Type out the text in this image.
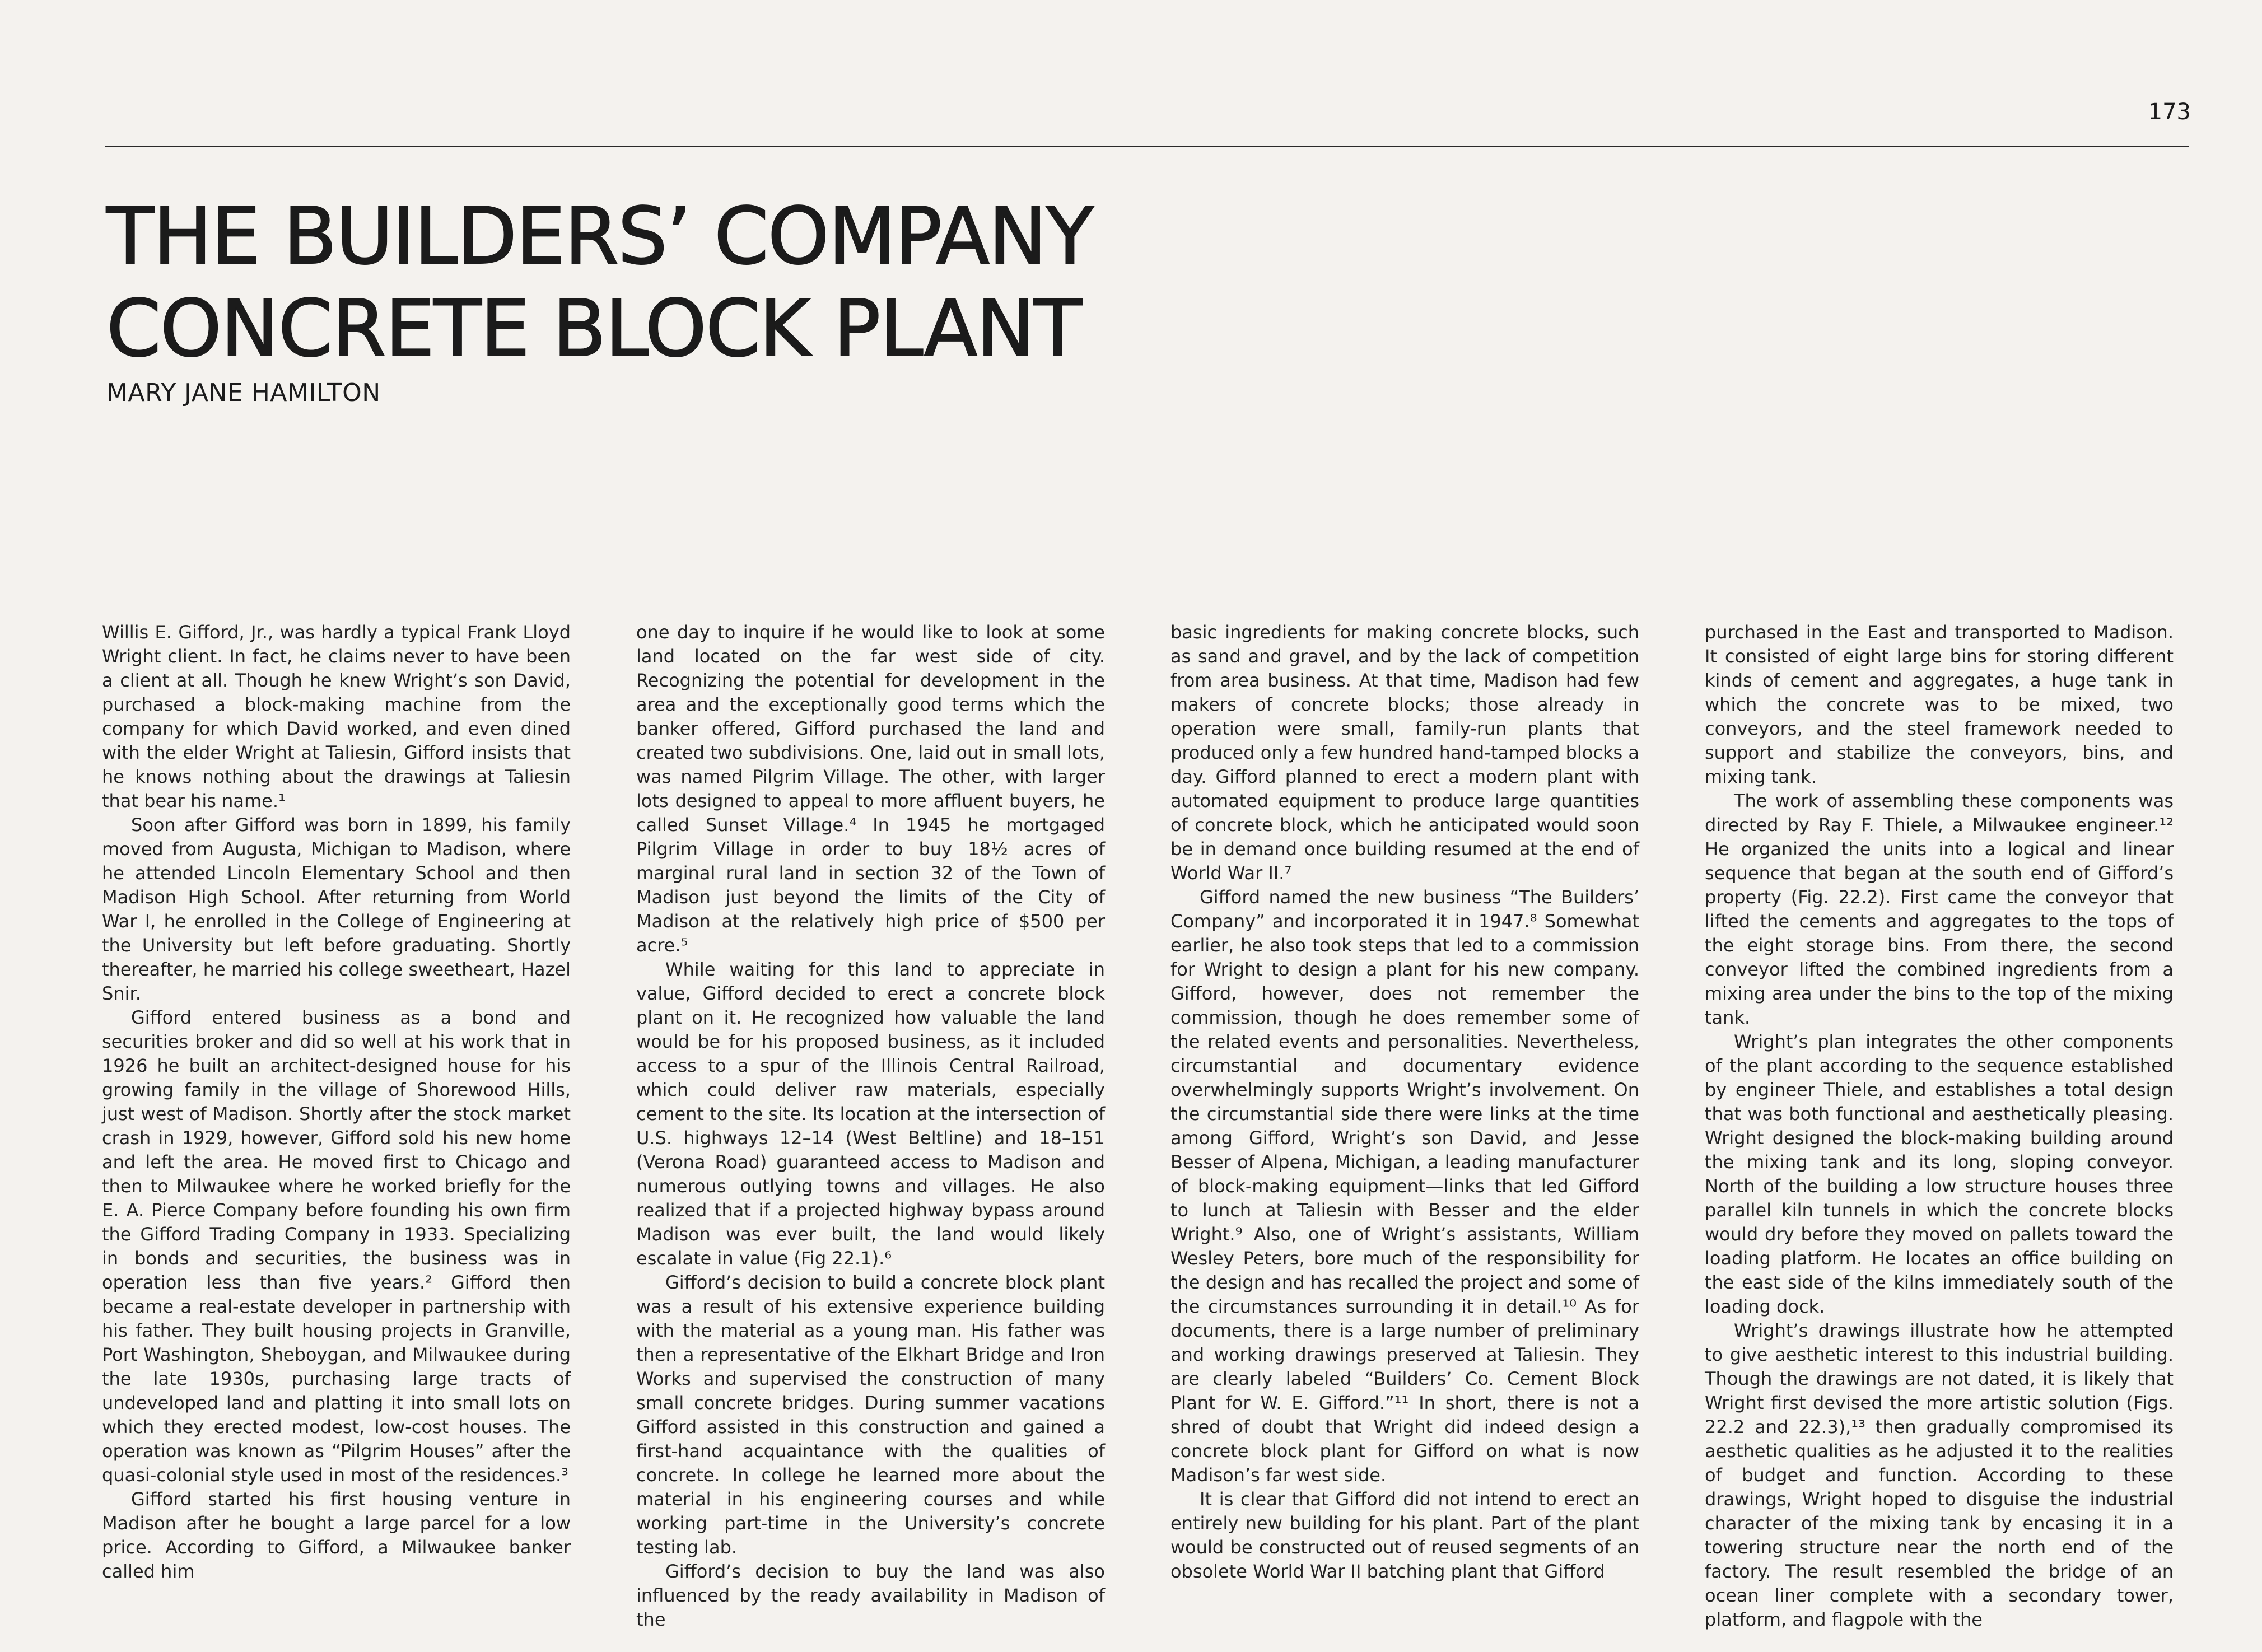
173
THE BUILDERS’ COMPANY
CONCRETE BLOCK PLANT
MARY JANE HAMILTON

Willis E. Gifford, Jr., was hardly a typical Frank Lloyd Wright client. In fact, he claims never to have been a client at all. Though he knew Wright’s son David, purchased a block-making machine from the company for which David worked, and even dined with the elder Wright at Taliesin, Gifford insists that he knows nothing about the drawings at Taliesin that bear his name.¹

Soon after Gifford was born in 1899, his family moved from Augusta, Michigan to Madison, where he attended Lincoln Elementary School and then Madison High School. After returning from World War I, he enrolled in the College of Engineering at the University but left before graduating. Shortly thereafter, he married his college sweetheart, Hazel Snir.

Gifford entered business as a bond and securities broker and did so well at his work that in 1926 he built an architect-designed house for his growing family in the village of Shorewood Hills, just west of Madison. Shortly after the stock market crash in 1929, however, Gifford sold his new home and left the area. He moved first to Chicago and then to Milwaukee where he worked briefly for the E. A. Pierce Company before founding his own firm the Gifford Trading Company in 1933. Specializing in bonds and securities, the business was in operation less than five years.² Gifford then became a real-estate developer in partnership with his father. They built housing projects in Granville, Port Washington, Sheboygan, and Milwaukee during the late 1930s, purchasing large tracts of undeveloped land and platting it into small lots on which they erected modest, low-cost houses. The operation was known as “Pilgrim Houses” after the quasi-colonial style used in most of the residences.³

Gifford started his first housing venture in Madison after he bought a large parcel for a low price. According to Gifford, a Milwaukee banker called him

one day to inquire if he would like to look at some land located on the far west side of city. Recognizing the potential for development in the area and the exceptionally good terms which the banker offered, Gifford purchased the land and created two subdivisions. One, laid out in small lots, was named Pilgrim Village. The other, with larger lots designed to appeal to more affluent buyers, he called Sunset Village.⁴ In 1945 he mortgaged Pilgrim Village in order to buy 18½ acres of marginal rural land in section 32 of the Town of Madison just beyond the limits of the City of Madison at the relatively high price of $500 per acre.⁵

While waiting for this land to appreciate in value, Gifford decided to erect a concrete block plant on it. He recognized how valuable the land would be for his proposed business, as it included access to a spur of the Illinois Central Railroad, which could deliver raw materials, especially cement to the site. Its location at the intersection of U.S. highways 12–14 (West Beltline) and 18–151 (Verona Road) guaranteed access to Madison and numerous outlying towns and villages. He also realized that if a projected highway bypass around Madison was ever built, the land would likely escalate in value (Fig 22.1).⁶

Gifford’s decision to build a concrete block plant was a result of his extensive experience building with the material as a young man. His father was then a representative of the Elkhart Bridge and Iron Works and supervised the construction of many small concrete bridges. During summer vacations Gifford assisted in this construction and gained a first-hand acquaintance with the qualities of concrete. In college he learned more about the material in his engineering courses and while working part-time in the University’s concrete testing lab.

Gifford’s decision to buy the land was also influenced by the ready availability in Madison of the

basic ingredients for making concrete blocks, such as sand and gravel, and by the lack of competition from area business. At that time, Madison had few makers of concrete blocks; those already in operation were small, family-run plants that produced only a few hundred hand-tamped blocks a day. Gifford planned to erect a modern plant with automated equipment to produce large quantities of concrete block, which he anticipated would soon be in demand once building resumed at the end of World War II.⁷

Gifford named the new business “The Builders’ Company” and incorporated it in 1947.⁸ Somewhat earlier, he also took steps that led to a commission for Wright to design a plant for his new company. Gifford, however, does not remember the commission, though he does remember some of the related events and personalities. Nevertheless, circumstantial and documentary evidence overwhelmingly supports Wright’s involvement. On the circumstantial side there were links at the time among Gifford, Wright’s son David, and Jesse Besser of Alpena, Michigan, a leading manufacturer of block-making equipment—links that led Gifford to lunch at Taliesin with Besser and the elder Wright.⁹ Also, one of Wright’s assistants, William Wesley Peters, bore much of the responsibility for the design and has recalled the project and some of the circumstances surrounding it in detail.¹⁰ As for documents, there is a large number of preliminary and working drawings preserved at Taliesin. They are clearly labeled “Builders’ Co. Cement Block Plant for W. E. Gifford.”¹¹ In short, there is not a shred of doubt that Wright did indeed design a concrete block plant for Gifford on what is now Madison’s far west side.

It is clear that Gifford did not intend to erect an entirely new building for his plant. Part of the plant would be constructed out of reused segments of an obsolete World War II batching plant that Gifford

purchased in the East and transported to Madison. It consisted of eight large bins for storing different kinds of cement and aggregates, a huge tank in which the concrete was to be mixed, two conveyors, and the steel framework needed to support and stabilize the conveyors, bins, and mixing tank.

The work of assembling these components was directed by Ray F. Thiele, a Milwaukee engineer.¹² He organized the units into a logical and linear sequence that began at the south end of Gifford’s property (Fig. 22.2). First came the conveyor that lifted the cements and aggregates to the tops of the eight storage bins. From there, the second conveyor lifted the combined ingredients from a mixing area under the bins to the top of the mixing tank.

Wright’s plan integrates the other components of the plant according to the sequence established by engineer Thiele, and establishes a total design that was both functional and aesthetically pleasing. Wright designed the block-making building around the mixing tank and its long, sloping conveyor. North of the building a low structure houses three parallel kiln tunnels in which the concrete blocks would dry before they moved on pallets toward the loading platform. He locates an office building on the east side of the kilns immediately south of the loading dock.

Wright’s drawings illustrate how he attempted to give aesthetic interest to this industrial building. Though the drawings are not dated, it is likely that Wright first devised the more artistic solution (Figs. 22.2 and 22.3),¹³ then gradually compromised its aesthetic qualities as he adjusted it to the realities of budget and function. According to these drawings, Wright hoped to disguise the industrial character of the mixing tank by encasing it in a towering structure near the north end of the factory. The result resembled the bridge of an ocean liner complete with a secondary tower, platform, and flagpole with the
